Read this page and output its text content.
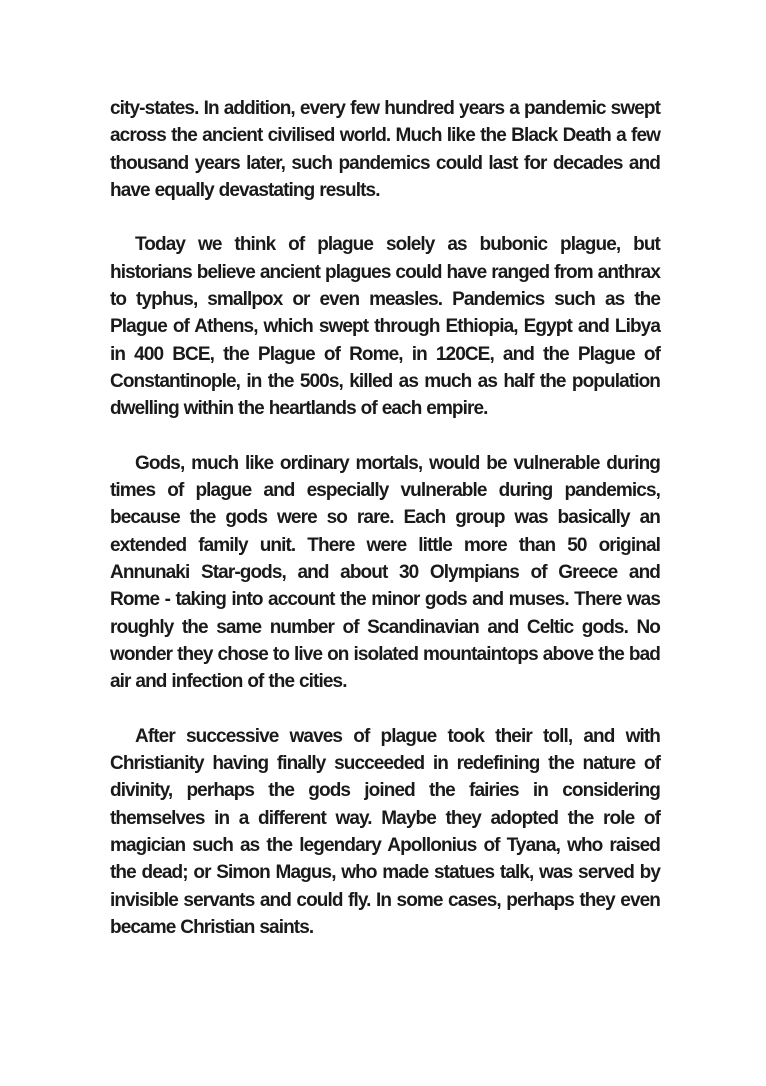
city-states. In addition, every few hundred years a pandemic swept across the ancient civilised world. Much like the Black Death a few thousand years later, such pandemics could last for decades and have equally devastating results.

Today we think of plague solely as bubonic plague, but historians believe ancient plagues could have ranged from anthrax to typhus, smallpox or even measles. Pandemics such as the Plague of Athens, which swept through Ethiopia, Egypt and Libya in 400 BCE, the Plague of Rome, in 120CE, and the Plague of Constantinople, in the 500s, killed as much as half the population dwelling within the heartlands of each empire.

Gods, much like ordinary mortals, would be vulnerable during times of plague and especially vulnerable during pandemics, because the gods were so rare. Each group was basically an extended family unit. There were little more than 50 original Annunaki Star-gods, and about 30 Olympians of Greece and Rome - taking into account the minor gods and muses. There was roughly the same number of Scandinavian and Celtic gods. No wonder they chose to live on isolated mountaintops above the bad air and infection of the cities.

After successive waves of plague took their toll, and with Christianity having finally succeeded in redefining the nature of divinity, perhaps the gods joined the fairies in considering themselves in a different way. Maybe they adopted the role of magician such as the legendary Apollonius of Tyana, who raised the dead; or Simon Magus, who made statues talk, was served by invisible servants and could fly. In some cases, perhaps they even became Christian saints.
